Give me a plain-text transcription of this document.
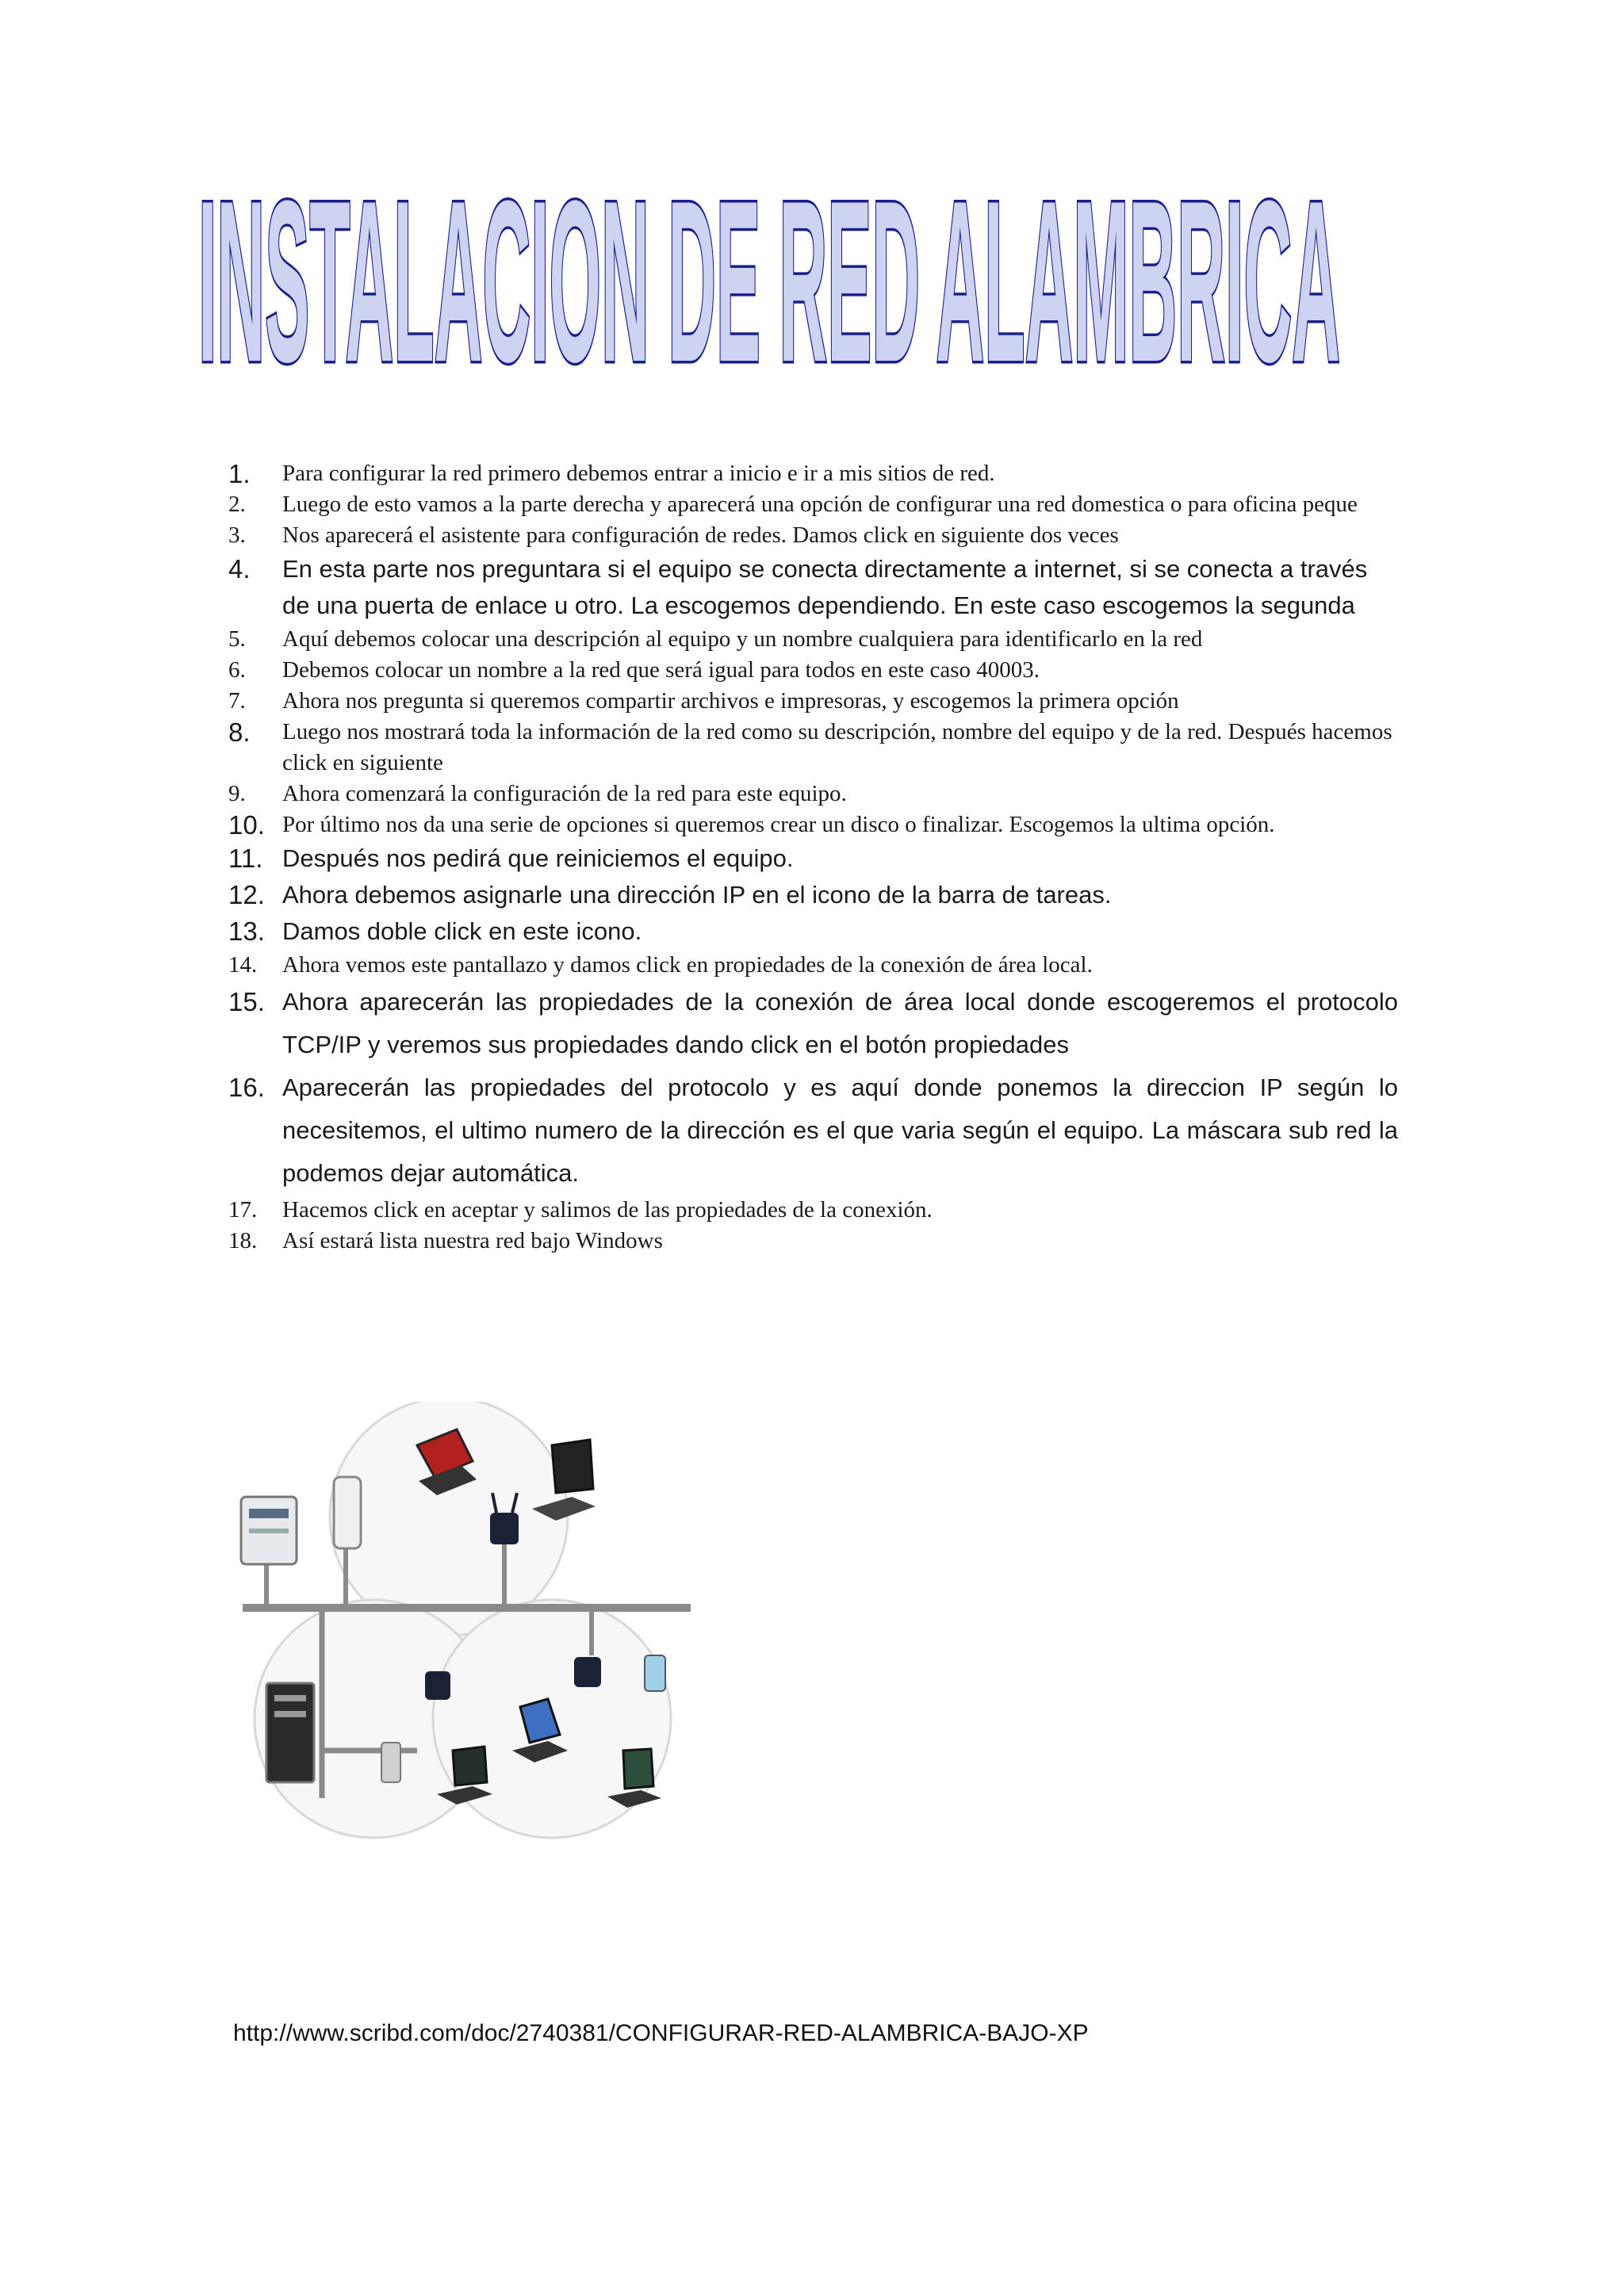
INSTALACION DE RED ALAMBRICA
1. Para configurar la red primero debemos entrar a inicio e ir a mis sitios de red.
2. Luego de esto vamos a la parte derecha y aparecerá una opción de configurar una red domestica o para oficina peque
3. Nos aparecerá el asistente para configuración de redes. Damos click en siguiente dos veces
4. En esta parte nos preguntara si el equipo se conecta directamente a internet, si se conecta a través de una puerta de enlace u otro. La escogemos dependiendo. En este caso escogemos la segunda
5. Aquí debemos colocar una descripción al equipo y un nombre cualquiera para identificarlo en la red
6. Debemos colocar un nombre a la red que será igual para todos en este caso 40003.
7. Ahora nos pregunta si queremos compartir archivos e impresoras, y escogemos la primera opción
8. Luego nos mostrará toda la información de la red como su descripción, nombre del equipo y de la red. Después hacemos click en siguiente
9. Ahora comenzará la configuración de la red para este equipo.
10. Por último nos da una serie de opciones si queremos crear un disco o finalizar. Escogemos la ultima opción.
11. Después nos pedirá que reiniciemos el equipo.
12. Ahora debemos asignarle una dirección IP en el icono de la barra de tareas.
13. Damos doble click en este icono.
14. Ahora vemos este pantallazo y damos click en propiedades de la conexión de área local.
15. Ahora aparecerán las propiedades de la conexión de área local donde escogeremos el protocolo TCP/IP y veremos sus propiedades dando click en el botón propiedades
16. Aparecerán las propiedades del protocolo y es aquí donde ponemos la direccion IP según lo necesitemos, el ultimo numero de la dirección es el que varia según el equipo. La máscara sub red la podemos dejar automática.
17. Hacemos click en aceptar y salimos de las propiedades de la conexión.
18. Así estará lista nuestra red bajo Windows
http://www.scribd.com/doc/2740381/CONFIGURAR-RED-ALAMBRICA-BAJO-XP
